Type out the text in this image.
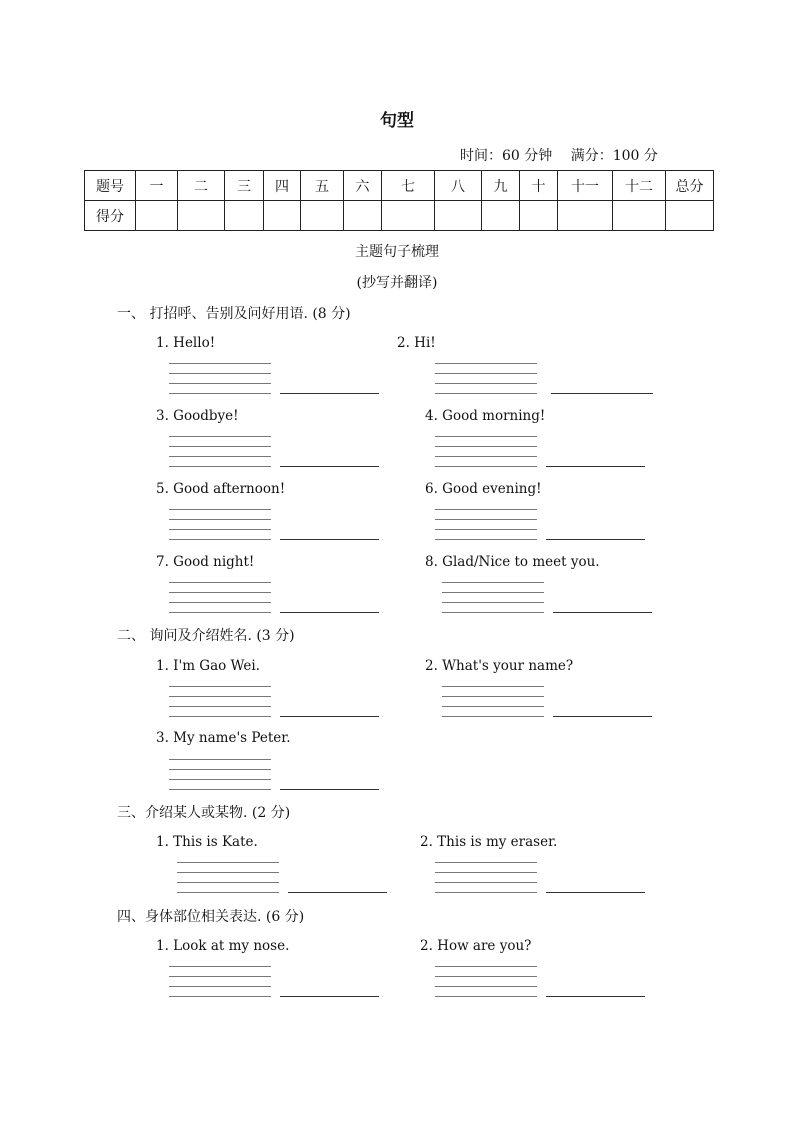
句型
时间：60 分钟 满分：100 分
题号	一	二	三	四	五	六	七	八	九	十	十一	十二	总分
得分													
主题句子梳理
(抄写并翻译)
一、 打招呼、告别及问好用语. (8 分)
1. Hello!	2. Hi!
3. Goodbye!	4. Good morning!
5. Good afternoon!	6. Good evening!
7. Good night!	8. Glad/Nice to meet you.
二、 询问及介绍姓名. (3 分)
1. I'm Gao Wei.	2. What's your name?
3. My name's Peter.
三、介绍某人或某物. (2 分)
1. This is Kate.	2. This is my eraser.
四、身体部位相关表达. (6 分)
1. Look at my nose.	2. How are you?
